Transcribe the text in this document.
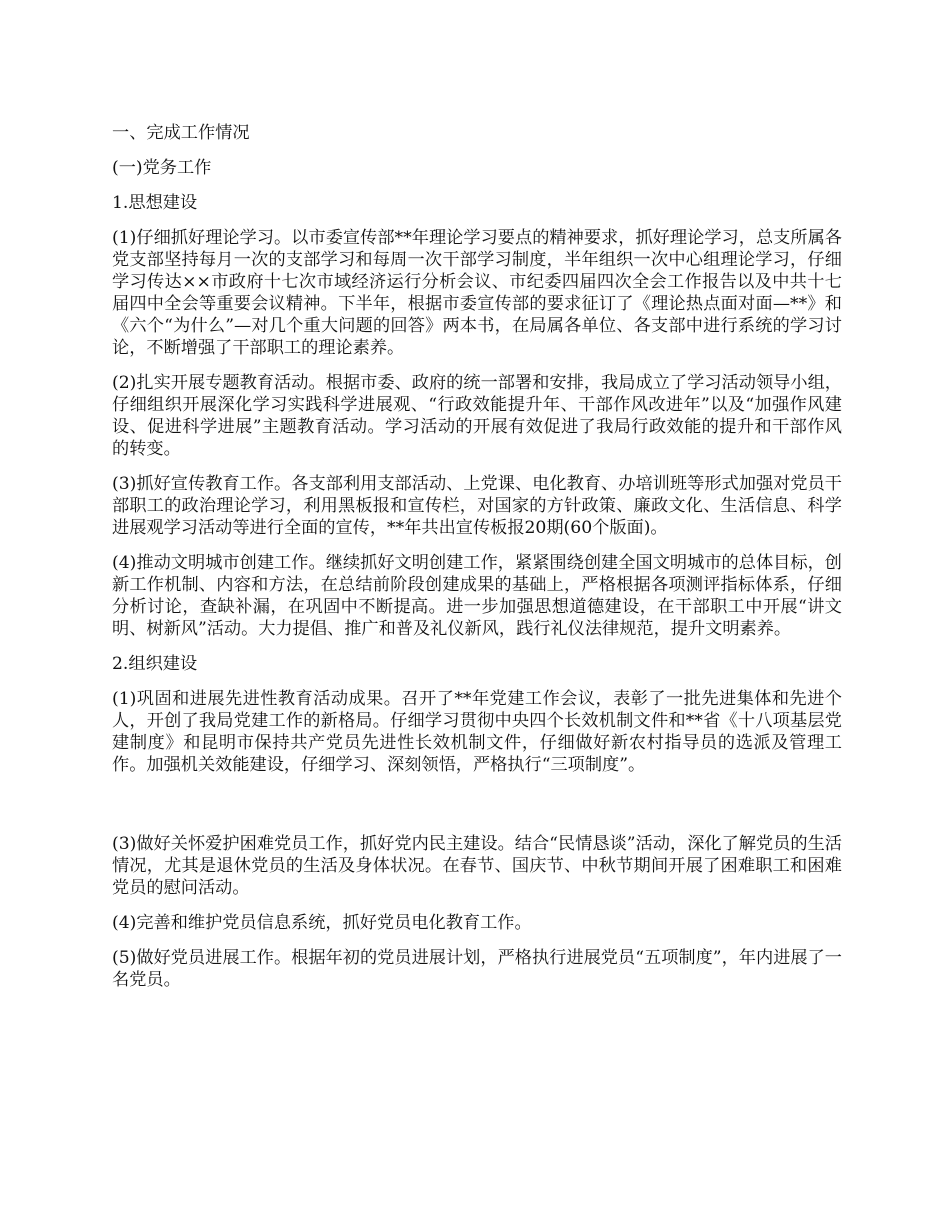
一、完成工作情况

(一)党务工作

1.思想建设

(1)仔细抓好理论学习。以市委宣传部**年理论学习要点的精神要求，抓好理论学习，总支所属各党支部坚持每月一次的支部学习和每周一次干部学习制度，半年组织一次中心组理论学习，仔细学习传达××市政府十七次市域经济运行分析会议、市纪委四届四次全会工作报告以及中共十七届四中全会等重要会议精神。下半年，根据市委宣传部的要求征订了《理论热点面对面—**》和《六个“为什么”—对几个重大问题的回答》两本书，在局属各单位、各支部中进行系统的学习讨论，不断增强了干部职工的理论素养。

(2)扎实开展专题教育活动。根据市委、政府的统一部署和安排，我局成立了学习活动领导小组，仔细组织开展深化学习实践科学进展观、“行政效能提升年、干部作风改进年”以及“加强作风建设、促进科学进展”主题教育活动。学习活动的开展有效促进了我局行政效能的提升和干部作风的转变。

(3)抓好宣传教育工作。各支部利用支部活动、上党课、电化教育、办培训班等形式加强对党员干部职工的政治理论学习，利用黑板报和宣传栏，对国家的方针政策、廉政文化、生活信息、科学进展观学习活动等进行全面的宣传，**年共出宣传板报20期(60个版面)。

(4)推动文明城市创建工作。继续抓好文明创建工作，紧紧围绕创建全国文明城市的总体目标，创新工作机制、内容和方法，在总结前阶段创建成果的基础上，严格根据各项测评指标体系，仔细分析讨论，查缺补漏，在巩固中不断提高。进一步加强思想道德建设，在干部职工中开展“讲文明、树新风”活动。大力提倡、推广和普及礼仪新风，践行礼仪法律规范，提升文明素养。

2.组织建设

(1)巩固和进展先进性教育活动成果。召开了**年党建工作会议，表彰了一批先进集体和先进个人，开创了我局党建工作的新格局。仔细学习贯彻中央四个长效机制文件和**省《十八项基层党建制度》和昆明市保持共产党员先进性长效机制文件，仔细做好新农村指导员的选派及管理工作。加强机关效能建设，仔细学习、深刻领悟，严格执行“三项制度”。

(3)做好关怀爱护困难党员工作，抓好党内民主建设。结合“民情恳谈”活动，深化了解党员的生活情况，尤其是退休党员的生活及身体状况。在春节、国庆节、中秋节期间开展了困难职工和困难党员的慰问活动。

(4)完善和维护党员信息系统，抓好党员电化教育工作。

(5)做好党员进展工作。根据年初的党员进展计划，严格执行进展党员“五项制度”，年内进展了一名党员。
